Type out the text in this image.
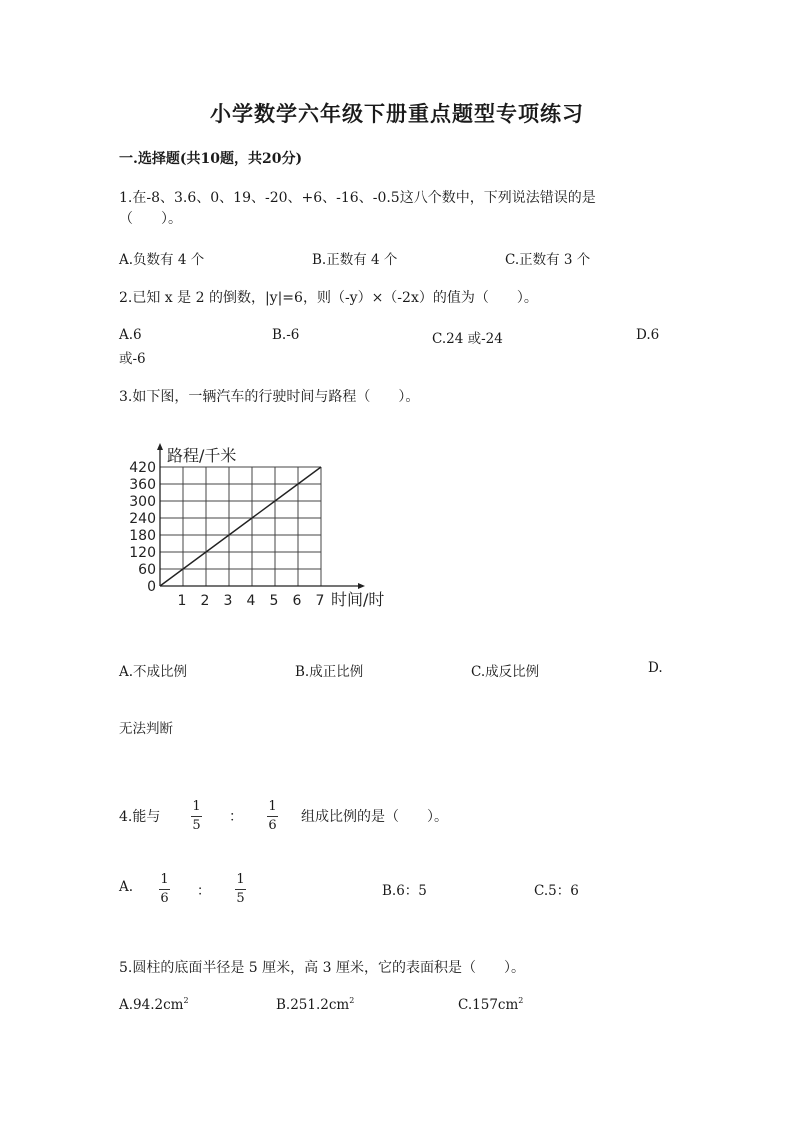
小学数学六年级下册重点题型专项练习
一.选择题(共10题，共20分)
1.在-8、3.6、0、19、-20、+6、-16、-0.5这八个数中，下列说法错误的是
（　　）。
A.负数有 4 个	B.正数有 4 个	C.正数有 3 个
2.已知 x 是 2 的倒数，|y|=6，则（-y）×（-2x）的值为（　　）。
A.6	B.-6	C.24 或-24	D.6
或-6
3.如下图，一辆汽车的行驶时间与路程（　　）。
420
360
300
240
180
120
60
0
1 2 3 4 5 6 7
路程/千米
时间/时
A.不成比例	B.成正比例	C.成反比例	D.
无法判断
4.能与
1
5
：
1
6
组成比例的是（　　）。
A. 1
6 ：
1
5	B.6：5	C.5：6
5.圆柱的底面半径是 5 厘米，高 3 厘米，它的表面积是（　　）。
$A.94.2cm^2$	$B.251.2cm^2$	$C.157cm^2$
